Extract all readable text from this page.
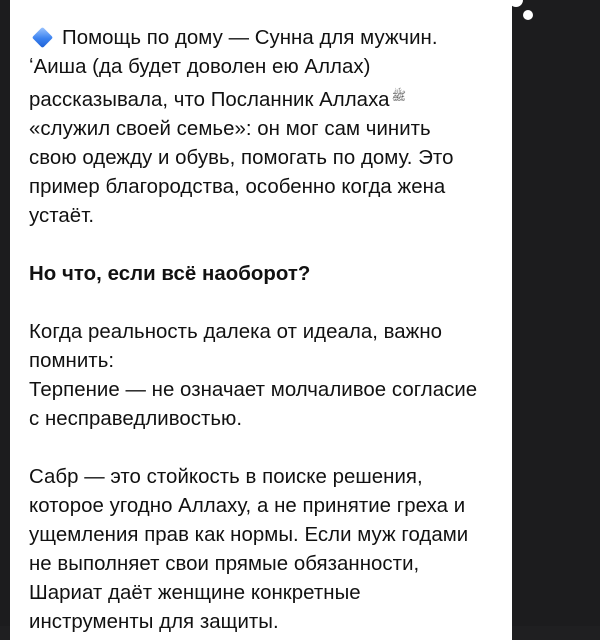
Помощь по дому — Сунна для мужчин.
ʻАиша (да будет доволен ею Аллах)
рассказывала, что Посланник Аллаха ﷺ
«служил своей семье»: он мог сам чинить
свою одежду и обувь, помогать по дому. Это
пример благородства, особенно когда жена
устаёт.
Но что, если всё наоборот?
Когда реальность далека от идеала, важно
помнить:
Терпение — не означает молчаливое согласие
с несправедливостью.
Сабр — это стойкость в поиске решения,
которое угодно Аллаху, а не принятие греха и
ущемления прав как нормы. Если муж годами
не выполняет свои прямые обязанности,
Шариат даёт женщине конкретные
инструменты для защиты.
